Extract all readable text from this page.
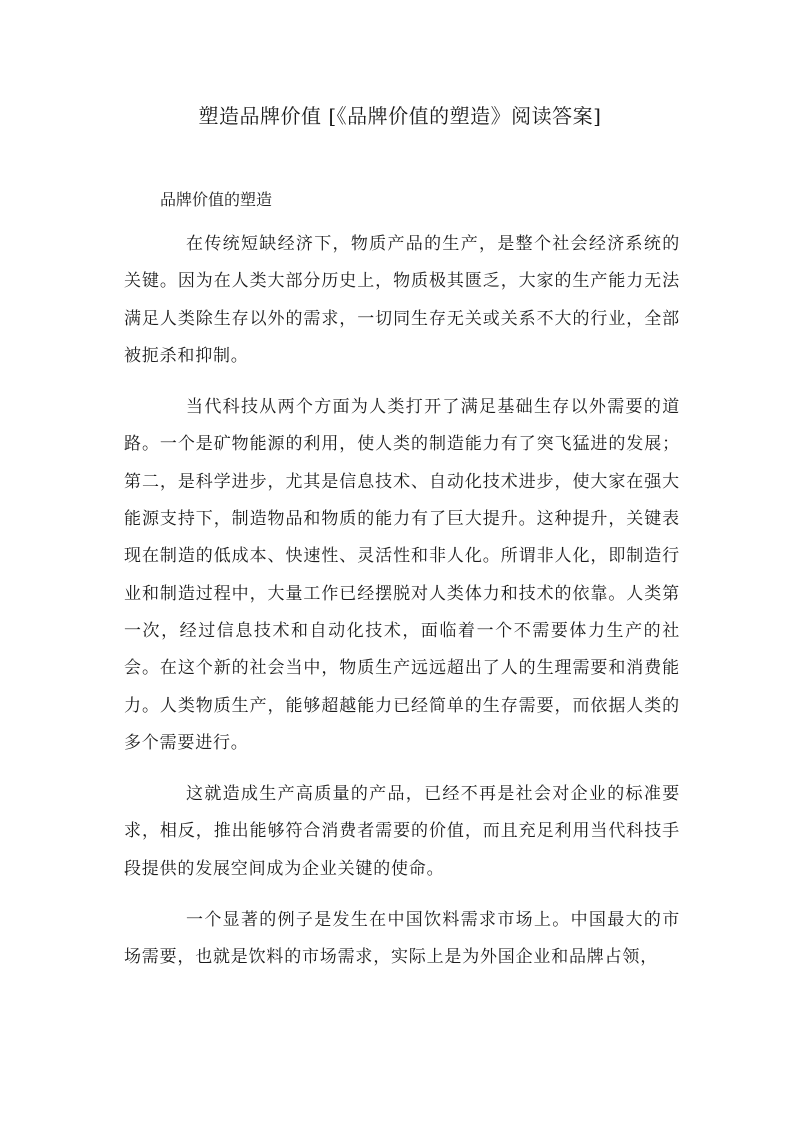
塑造品牌价值 [《品牌价值的塑造》阅读答案]

品牌价值的塑造

在传统短缺经济下，物质产品的生产，是整个社会经济系统的关键。因为在人类大部分历史上，物质极其匮乏，大家的生产能力无法满足人类除生存以外的需求，一切同生存无关或关系不大的行业，全部被扼杀和抑制。

当代科技从两个方面为人类打开了满足基础生存以外需要的道路。一个是矿物能源的利用，使人类的制造能力有了突飞猛进的发展；第二，是科学进步，尤其是信息技术、自动化技术进步，使大家在强大能源支持下，制造物品和物质的能力有了巨大提升。这种提升，关键表现在制造的低成本、快速性、灵活性和非人化。所谓非人化，即制造行业和制造过程中，大量工作已经摆脱对人类体力和技术的依靠。人类第一次，经过信息技术和自动化技术，面临着一个不需要体力生产的社会。在这个新的社会当中，物质生产远远超出了人的生理需要和消费能力。人类物质生产，能够超越能力已经简单的生存需要，而依据人类的多个需要进行。

这就造成生产高质量的产品，已经不再是社会对企业的标准要求，相反，推出能够符合消费者需要的价值，而且充足利用当代科技手段提供的发展空间成为企业关键的使命。

一个显著的例子是发生在中国饮料需求市场上。中国最大的市场需要，也就是饮料的市场需求，实际上是为外国企业和品牌占领，
